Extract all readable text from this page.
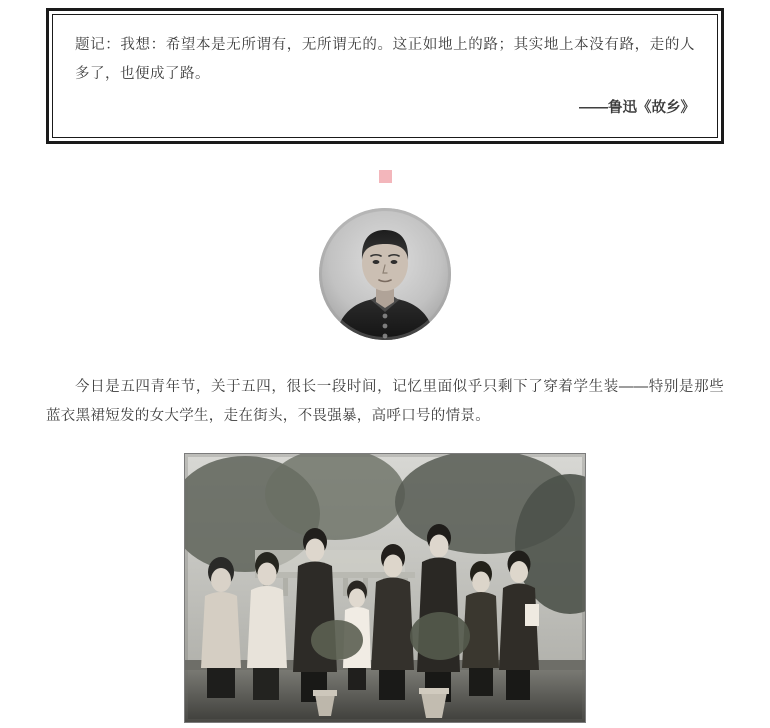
题记：我想：希望本是无所谓有，无所谓无的。这正如地上的路；其实地上本没有路，走的人多了，也便成了路。
——鲁迅《故乡》

今日是五四青年节，关于五四，很长一段时间，记忆里面似乎只剩下了穿着学生装——特别是那些蓝衣黑裙短发的女大学生，走在街头，不畏强暴，高呼口号的情景。
